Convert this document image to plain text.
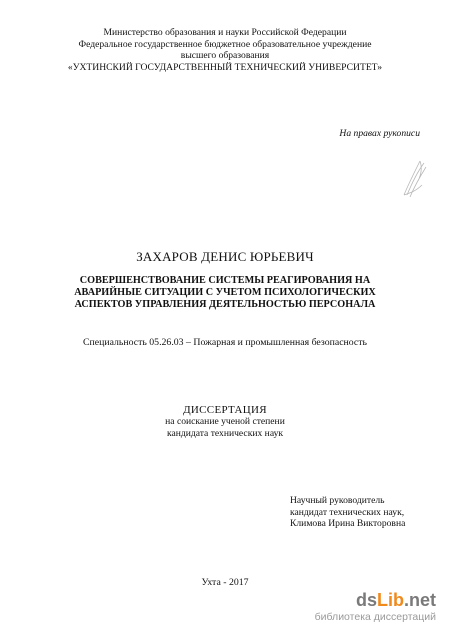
Министерство образования и науки Российской Федерации
Федеральное государственное бюджетное образовательное учреждение
высшего образования
«УХТИНСКИЙ ГОСУДАРСТВЕННЫЙ ТЕХНИЧЕСКИЙ УНИВЕРСИТЕТ»
На правах рукописи
ЗАХАРОВ ДЕНИС ЮРЬЕВИЧ
СОВЕРШЕНСТВОВАНИЕ СИСТЕМЫ РЕАГИРОВАНИЯ НА
АВАРИЙНЫЕ СИТУАЦИИ С УЧЕТОМ ПСИХОЛОГИЧЕСКИХ
АСПЕКТОВ УПРАВЛЕНИЯ ДЕЯТЕЛЬНОСТЬЮ ПЕРСОНАЛА
Специальность 05.26.03 – Пожарная и промышленная безопасность
ДИССЕРТАЦИЯ
на соискание ученой степени
кандидата технических наук
Научный руководитель
кандидат технических наук,
Климова Ирина Викторовна
Ухта - 2017
dsLib.net
библиотека диссертаций
